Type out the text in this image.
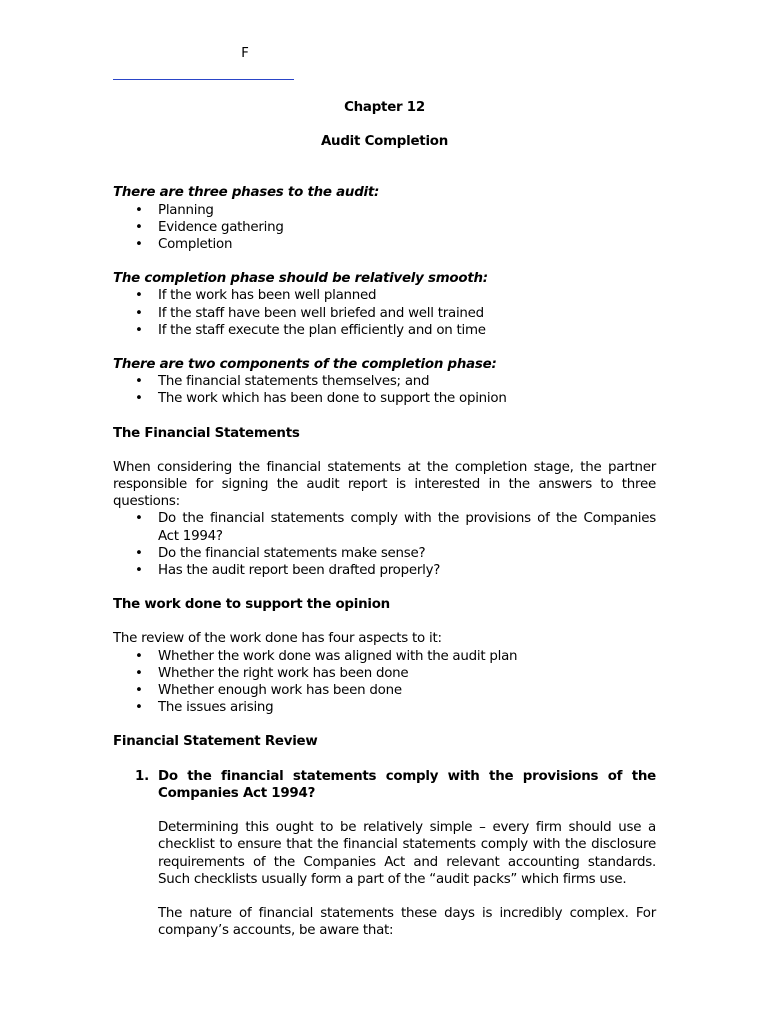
F

Chapter 12

Audit Completion

There are three phases to the audit:

• Planning
• Evidence gathering
• Completion

The completion phase should be relatively smooth:

• If the work has been well planned
• If the staff have been well briefed and well trained
• If the staff execute the plan efficiently and on time

There are two components of the completion phase:

• The financial statements themselves; and
• The work which has been done to support the opinion

The Financial Statements

When considering the financial statements at the completion stage, the partner responsible for signing the audit report is interested in the answers to three questions:

• Do the financial statements comply with the provisions of the Companies Act 1994?
• Do the financial statements make sense?
• Has the audit report been drafted properly?

The work done to support the opinion

The review of the work done has four aspects to it:

• Whether the work done was aligned with the audit plan
• Whether the right work has been done
• Whether enough work has been done
• The issues arising

Financial Statement Review

1. Do the financial statements comply with the provisions of the Companies Act 1994?

Determining this ought to be relatively simple – every firm should use a checklist to ensure that the financial statements comply with the disclosure requirements of the Companies Act and relevant accounting standards. Such checklists usually form a part of the “audit packs” which firms use.

The nature of financial statements these days is incredibly complex. For company’s accounts, be aware that:
